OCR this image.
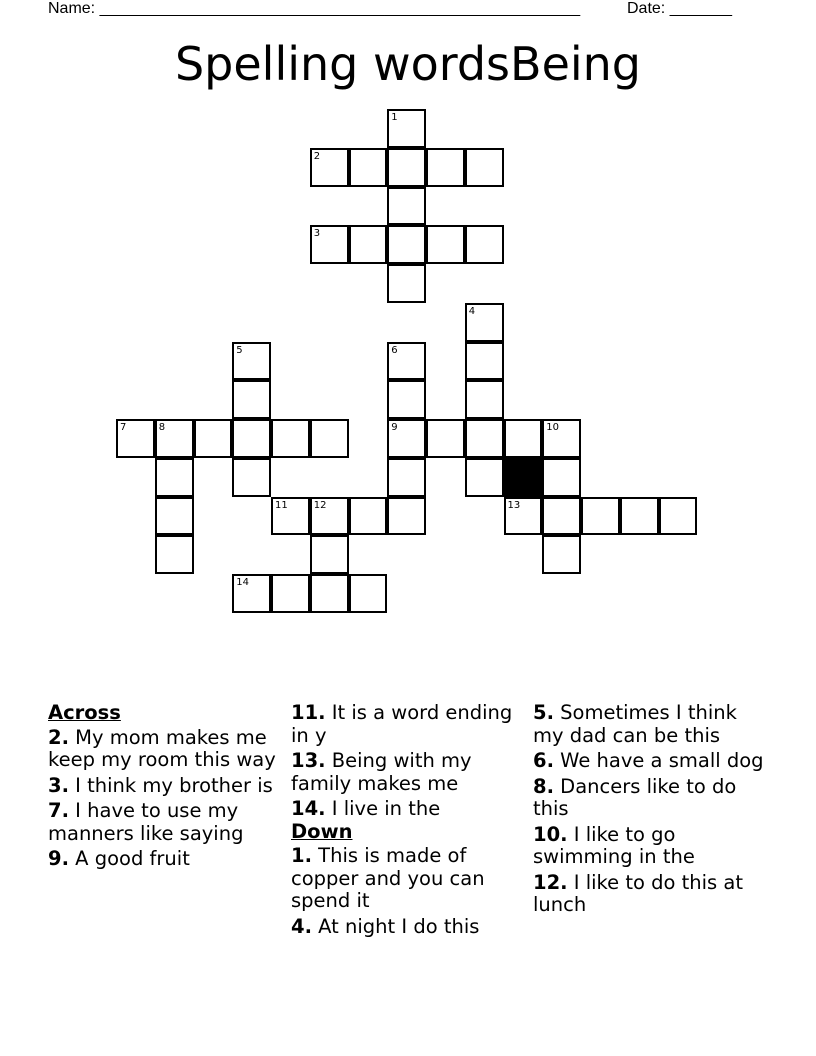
Name: ______________________________________________________	Date: _______
Spelling wordsBeing
1
2
3
4
5	6
9
7	8	10
11	12	13
14
Across
2. My mom makes me keep my room this way
3. I think my brother is
7. I have to use my manners like saying
9. A good fruit
11. It is a word ending in y
13. Being with my family makes me
14. I live in the
Down
1. This is made of copper and you can spend it
4. At night I do this
5. Sometimes I think my dad can be this
6. We have a small dog
8. Dancers like to do this
10. I like to go swimming in the
12. I like to do this at lunch
